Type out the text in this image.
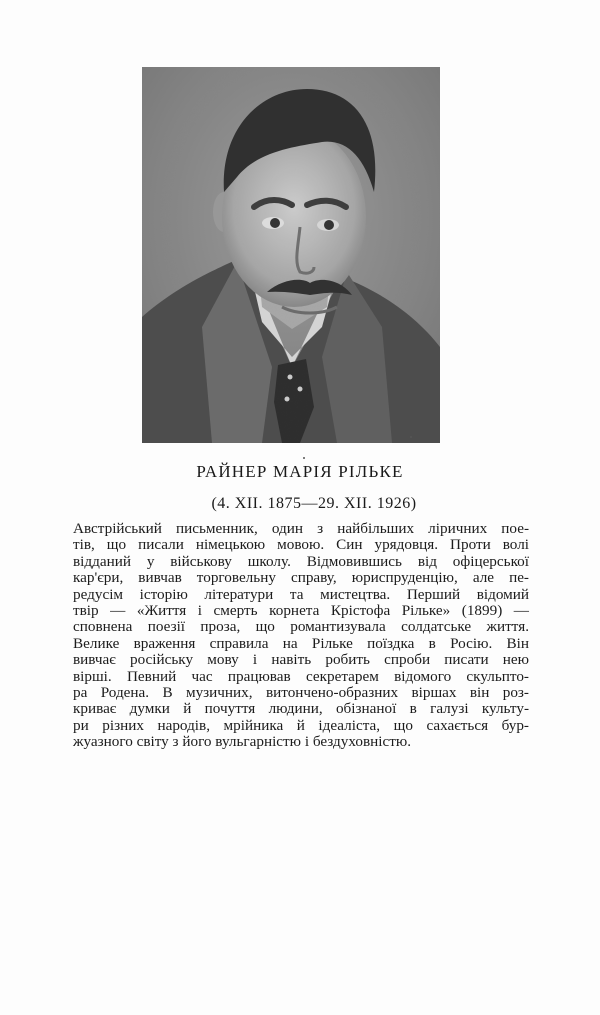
РАЙНЕР МАРІЯ РІЛЬКЕ
(4. XII. 1875—29. XII. 1926)
Австрійський письменник, один з найбільших ліричних пое-
тів, що писали німецькою мовою. Син урядовця. Проти волі
відданий у військову школу. Відмовившись від офіцерської
кар'єри, вивчав торговельну справу, юриспруденцію, але пе-
редусім історію літератури та мистецтва. Перший відомий
твір — «Життя і смерть корнета Крістофа Рільке» (1899) —
сповнена поезії проза, що романтизувала солдатське життя.
Велике враження справила на Рільке поїздка в Росію. Він
вивчає російську мову і навіть робить спроби писати нею
вірші. Певний час працював секретарем відомого скульпто-
ра Родена. В музичних, витончено-образних віршах він роз-
криває думки й почуття людини, обізнаної в галузі культу-
ри різних народів, мрійника й ідеаліста, що сахається бур-
жуазного світу з його вульгарністю і бездуховністю.
